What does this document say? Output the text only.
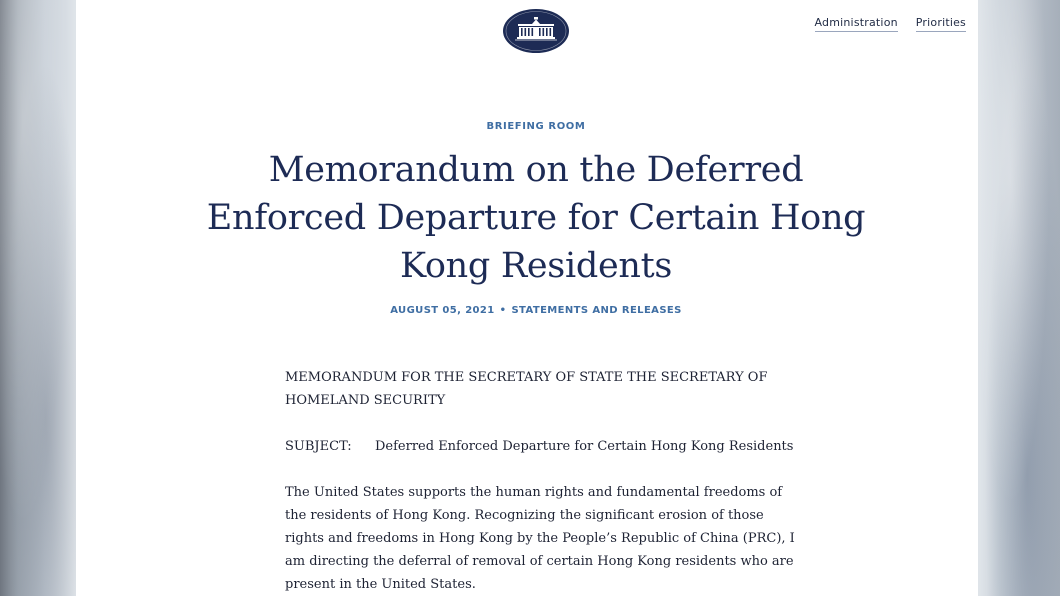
Administration Priorities
BRIEFING ROOM
Memorandum on the Deferred Enforced Departure for Certain Hong Kong Residents
AUGUST 05, 2021 • STATEMENTS AND RELEASES

MEMORANDUM FOR THE SECRETARY OF STATE THE SECRETARY OF HOMELAND SECURITY

SUBJECT: Deferred Enforced Departure for Certain Hong Kong Residents

The United States supports the human rights and fundamental freedoms of the residents of Hong Kong. Recognizing the significant erosion of those rights and freedoms in Hong Kong by the People’s Republic of China (PRC), I am directing the deferral of removal of certain Hong Kong residents who are present in the United States.
